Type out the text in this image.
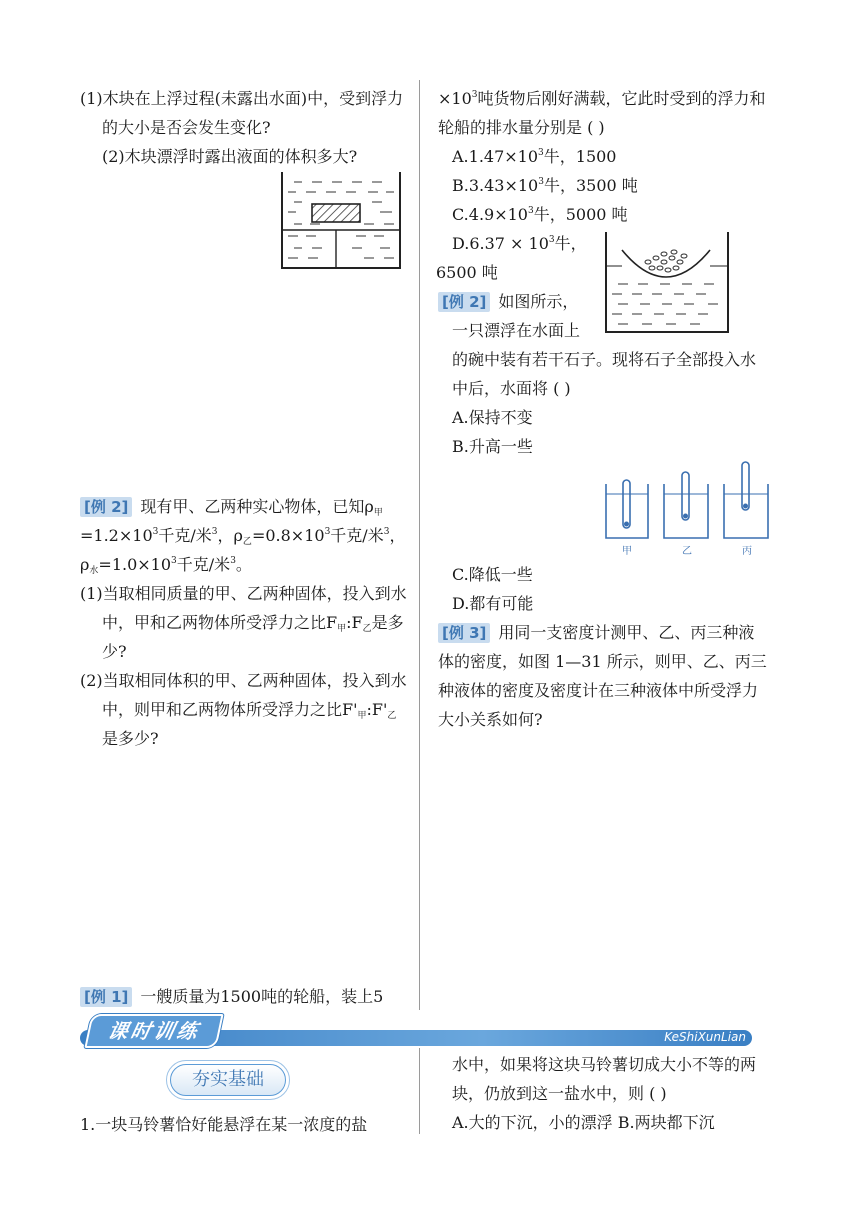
(1)木块在上浮过程(未露出水面)中，受到浮力的大小是否会发生变化?

(2)木块漂浮时露出液面的体积多大?

[例 2] 现有甲、乙两种实心物体，已知$\rho_甲=1.2\times 10^3$千克/米$^3$，$\rho_乙=0.8\times 10^3$千克/米$^3$，$\rho_水=1.0\times 10^3$千克/米$^3$。

(1)当取相同质量的甲、乙两种固体，投入到水中，甲和乙两物体所受浮力之比$F_甲:F_乙$是多少?

(2)当取相同体积的甲、乙两种固体，投入到水中，则甲和乙两物体所受浮力之比$F'_甲:F'_乙$是多少?

[例 1] 一艘质量为1500吨的轮船，装上5

$\times 10^3$吨货物后刚好满载，它此时受到的浮力和轮船的排水量分别是 ( )

$A.1.47\times 10^3$牛，1500

$B.3.43\times 10^3$牛，3500 吨

$C.4.9\times 10^3$牛，5000 吨

$D.6.37 \times 10^3$牛，

6500 吨

[例 2] 如图所示，

一只漂浮在水面上

的碗中装有若干石子。现将石子全部投入水中后，水面将 ( )

A.保持不变

B.升高一些

甲	乙	丙

C.降低一些

D.都有可能

[例 3] 用同一支密度计测甲、乙、丙三种液体的密度，如图 1—31 所示，则甲、乙、丙三种液体的密度及密度计在三种液体中所受浮力大小关系如何?

课时训练	KeShiXunLian
夯实基础

1.一块马铃薯恰好能悬浮在某一浓度的盐

水中，如果将这块马铃薯切成大小不等的两块，仍放到这一盐水中，则 ( )

A.大的下沉，小的漂浮 B.两块都下沉
